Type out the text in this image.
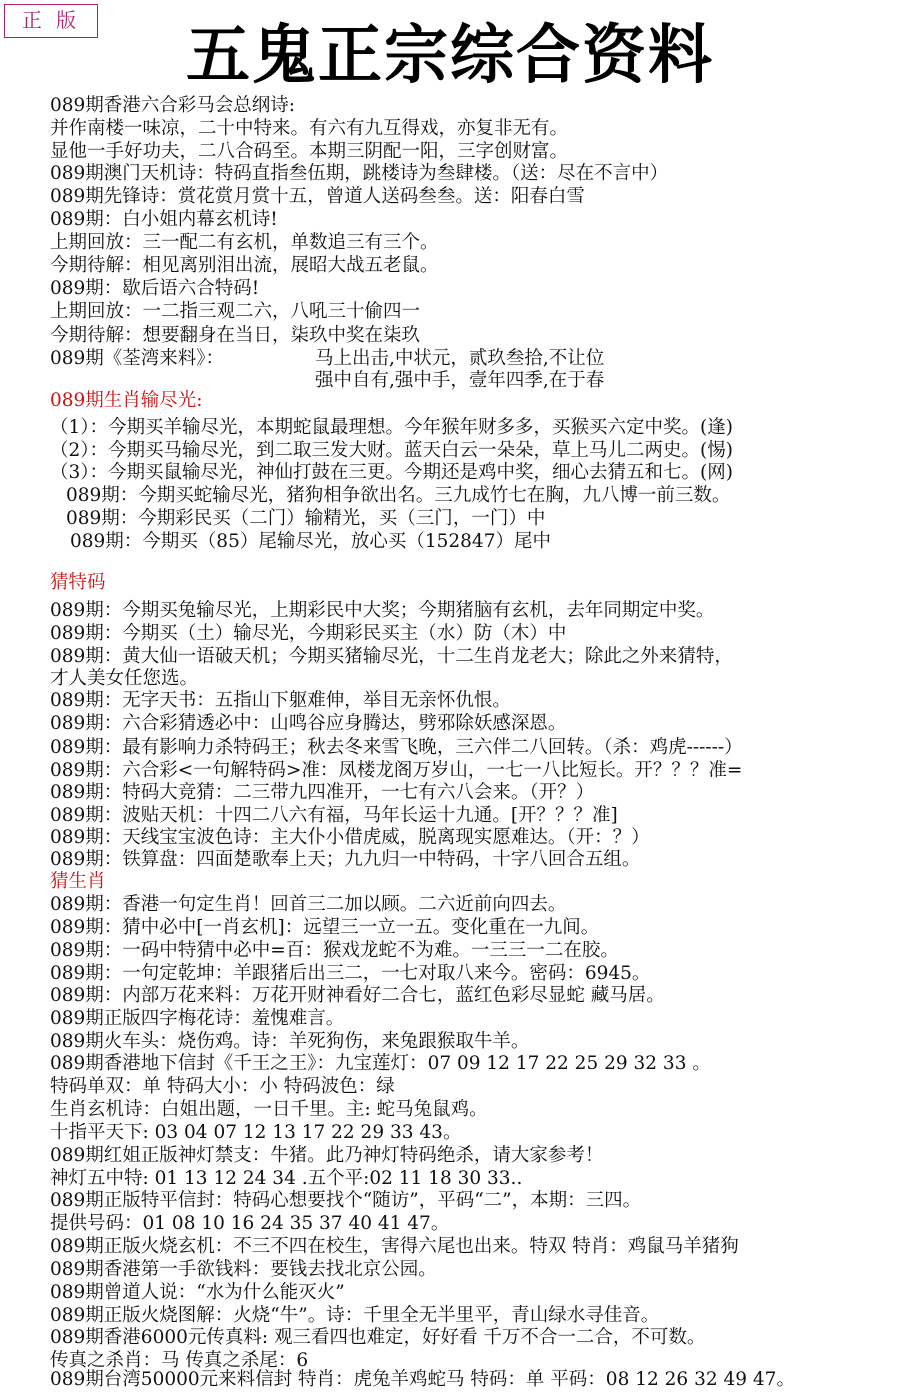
正 版	五鬼正宗综合资料
089期香港六合彩马会总纲诗:
并作南楼一味凉，二十中特来。有六有九互得戏，亦复非无有。
显他一手好功夫，二八合码至。本期三阴配一阳，三字创财富。
089期澳门天机诗：特码直指叁伍期，跳楼诗为叁肆楼。（送：尽在不言中）
089期先锋诗：赏花赏月赏十五，曾道人送码叁叁。送：阳春白雪
089期：白小姐内幕玄机诗!
上期回放：三一配二有玄机，单数追三有三个。
今期待解：相见离别泪出流，展昭大战五老鼠。
089期：歇后语六合特码!
上期回放：一二指三观二六，八吼三十偷四一
今期待解：想要翻身在当日，柒玖中奖在柒玖
089期《荃湾来料》：	马上出击,中状元，贰玖叁拾,不让位
强中自有,强中手，壹年四季,在于春
089期生肖输尽光:
（1）：今期买羊输尽光，本期蛇鼠最理想。今年猴年财多多，买猴买六定中奖。(逢)
（2）：今期买马输尽光，到二取三发大财。蓝天白云一朵朵，草上马儿二两史。(惕)
（3）：今期买鼠输尽光，神仙打鼓在三更。今期还是鸡中奖，细心去猜五和七。(网)
089期：今期买蛇输尽光，猪狗相争欲出名。三九成竹七在胸，九八博一前三数。
089期：今期彩民买（二门）输精光，买（三门，一门）中
089期：今期买（85）尾输尽光，放心买（152847）尾中
猜特码
089期：今期买兔输尽光，上期彩民中大奖；今期猪脑有玄机，去年同期定中奖。
089期：今期买（土）输尽光，今期彩民买主（水）防（木）中
089期：黄大仙一语破天机；今期买猪输尽光，十二生肖龙老大；除此之外来猜特，
才人美女任您选。
089期：无字天书：五指山下躯难伸，举目无亲怀仇恨。
089期：六合彩猜透必中：山鸣谷应身腾达，劈邪除妖感深恩。
089期：最有影响力杀特码王；秋去冬来雪飞晚，三六伴二八回转。（杀：鸡虎------）
089期：六合彩<一句解特码>准：凤楼龙阁万岁山，一七一八比短长。开？？？准=
089期：特码大竞猜：二三带九四准开，一七有六八会来。（开？）
089期：波贴天机：十四二八六有福，马年长运十九通。[开？？？准]
089期：天线宝宝波色诗：主大仆小借虎威，脱离现实愿难达。（开：？）
089期：铁算盘：四面楚歌奉上天；九九归一中特码，十字八回合五组。
猜生肖
089期：香港一句定生肖！回首三二加以顾。二六近前向四去。
089期：猜中必中[一肖玄机]：远望三一立一五。变化重在一九间。
089期：一码中特猜中必中=百：猴戏龙蛇不为难。一三三一二在胶。
089期：一句定乾坤：羊跟猪后出三二，一七对取八来今。密码：6945。
089期：内部万花来料：万花开财神看好二合七，蓝红色彩尽显蛇 藏马居。
089期正版四字梅花诗：羞愧难言。
089期火车头：烧伤鸡。诗：羊死狗伤，来兔跟猴取牛羊。
089期香港地下信封《千王之王》：九宝莲灯：07 09 12 17 22 25 29 32 33 。
特码单双：单 特码大小：小 特码波色：绿
生肖玄机诗：白姐出题，一日千里。主: 蛇马兔鼠鸡。
十指平天下: 03 04 07 12 13 17 22 29 33 43。
089期红姐正版神灯禁支：牛猪。此乃神灯特码绝杀，请大家参考！
神灯五中特: 01 13 12 24 34 .五个平:02 11 18 30 33..
089期正版特平信封：特码心想要找个“随访”，平码“二”，本期：三四。
提供号码：01 08 10 16 24 35 37 40 41 47。
089期正版火烧玄机：不三不四在校生，害得六尾也出来。特双 特肖：鸡鼠马羊猪狗
089期香港第一手欲钱料：要钱去找北京公园。
089期曾道人说：“水为什么能灭火”
089期正版火烧图解：火烧“牛”。诗：千里全无半里平，青山绿水寻佳音。
089期香港6000元传真料: 观三看四也难定，好好看 千万不合一二合，不可数。
传真之杀肖：马 传真之杀尾：6
089期台湾50000元来料信封 特肖：虎兔羊鸡蛇马 特码：单 平码：08 12 26 32 49 47。
